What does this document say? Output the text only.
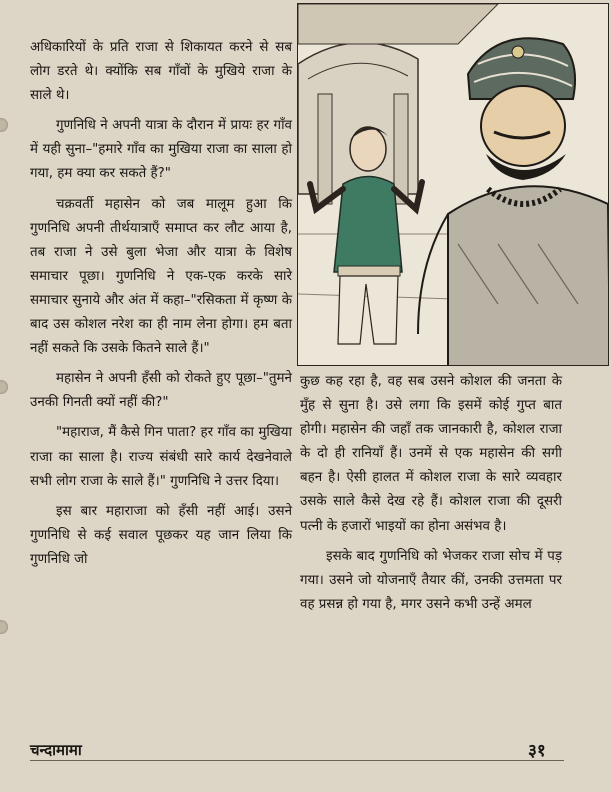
अधिकारियों के प्रति राजा से शिकायत करने से सब लोग डरते थे। क्योंकि सब गाँवों के मुखिये राजा के साले थे।

गुणनिधि ने अपनी यात्रा के दौरान में प्रायः हर गाँव में यही सुना–"हमारे गाँव का मुखिया राजा का साला हो गया, हम क्या कर सकते हैं?"

चक्रवर्ती महासेन को जब मालूम हुआ कि गुणनिधि अपनी तीर्थयात्राएँ समाप्त कर लौट आया है, तब राजा ने उसे बुला भेजा और यात्रा के विशेष समाचार पूछा। गुणनिधि ने एक-एक करके सारे समाचार सुनाये और अंत में कहा–"रसिकता में कृष्ण के बाद उस कोशल नरेश का ही नाम लेना होगा। हम बता नहीं सकते कि उसके कितने साले हैं।"

महासेन ने अपनी हँसी को रोकते हुए पूछा–"तुमने उनकी गिनती क्यों नहीं की?"

"महाराज, मैं कैसे गिन पाता? हर गाँव का मुखिया राजा का साला है। राज्य संबंधी सारे कार्य देखनेवाले सभी लोग राजा के साले हैं।" गुणनिधि ने उत्तर दिया।

इस बार महाराजा को हँसी नहीं आई। उसने गुणनिधि से कई सवाल पूछकर यह जान लिया कि गुणनिधि जो

कुछ कह रहा है, वह सब उसने कोशल की जनता के मुँह से सुना है। उसे लगा कि इसमें कोई गुप्त बात होगी। महासेन की जहाँ तक जानकारी है, कोशल राजा के दो ही रानियाँ हैं। उनमें से एक महासेन की सगी बहन है। ऐसी हालत में कोशल राजा के सारे व्यवहार उसके साले कैसे देख रहे हैं। कोशल राजा की दूसरी पत्नी के हजारों भाइयों का होना असंभव है।

इसके बाद गुणनिधि को भेजकर राजा सोच में पड़ गया। उसने जो योजनाएँ तैयार कीं, उनकी उत्तमता पर वह प्रसन्न हो गया है, मगर उसने कभी उन्हें अमल

चन्दामामा	३१
